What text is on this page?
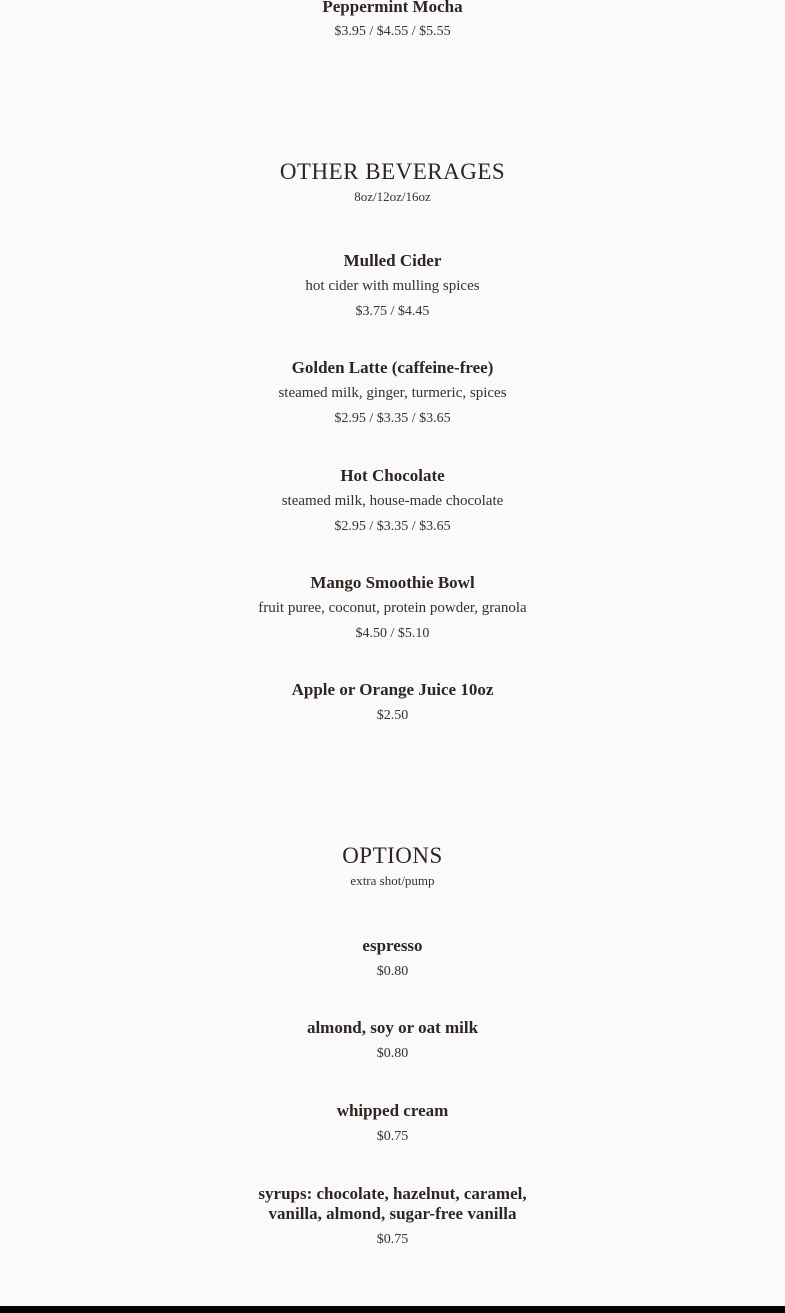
Peppermint Mocha

$3.95 / $4.55 / $5.55

OTHER BEVERAGES

8oz/12oz/16oz

Mulled Cider

hot cider with mulling spices

$3.75 / $4.45

Golden Latte (caffeine-free)

steamed milk, ginger, turmeric, spices

$2.95 / $3.35 / $3.65

Hot Chocolate

steamed milk, house-made chocolate

$2.95 / $3.35 / $3.65

Mango Smoothie Bowl

fruit puree, coconut, protein powder, granola

$4.50 / $5.10

Apple or Orange Juice 10oz

$2.50

OPTIONS

extra shot/pump

espresso

$0.80

almond, soy or oat milk

$0.80

whipped cream

$0.75

syrups: chocolate, hazelnut, caramel,

vanilla, almond, sugar-free vanilla

$0.75
